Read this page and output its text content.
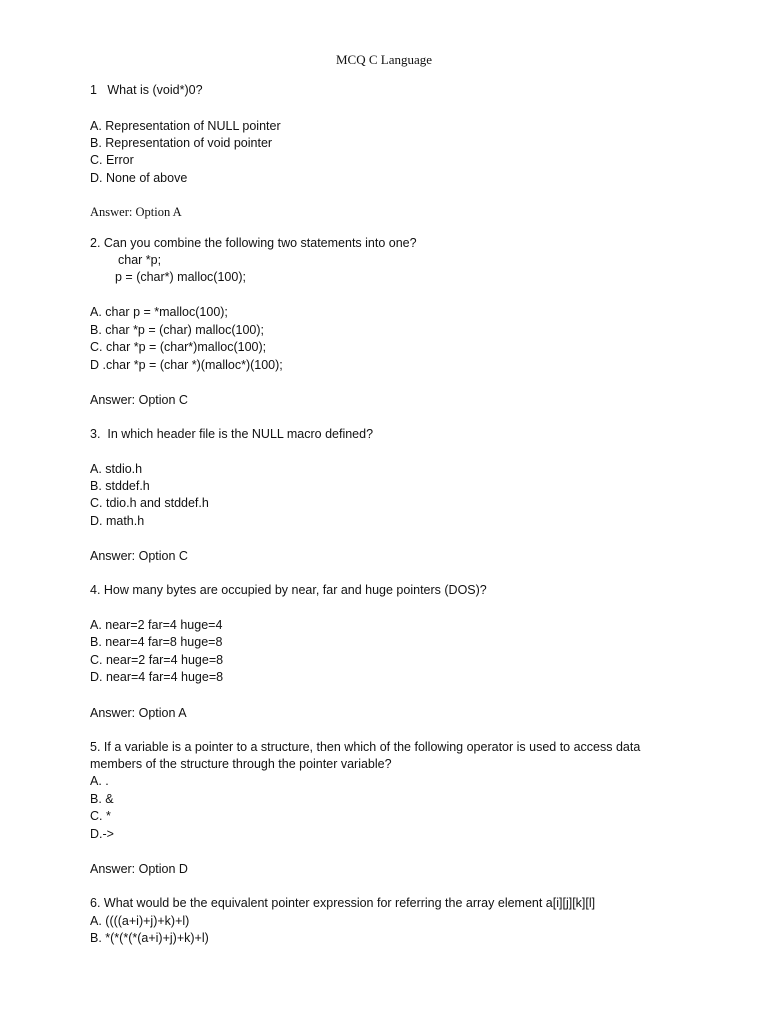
MCQ C Language
1   What is (void*)0?
A. Representation of NULL pointer
B. Representation of void pointer
C. Error
D. None of above
Answer: Option A
2. Can you combine the following two statements into one?
char *p;
p = (char*) malloc(100);
A. char p = *malloc(100);
B. char *p = (char) malloc(100);
C. char *p = (char*)malloc(100);
D .char *p = (char *)(malloc*)(100);
Answer: Option C
3.  In which header file is the NULL macro defined?
A. stdio.h
B. stddef.h
C. tdio.h and stddef.h
D. math.h
Answer: Option C
4. How many bytes are occupied by near, far and huge pointers (DOS)?
A. near=2 far=4 huge=4
B. near=4 far=8 huge=8
C. near=2 far=4 huge=8
D. near=4 far=4 huge=8
Answer: Option A
5. If a variable is a pointer to a structure, then which of the following operator is used to access data
members of the structure through the pointer variable?
A. .
B. &
C. *
D.->
Answer: Option D
6. What would be the equivalent pointer expression for referring the array element a[i][j][k][l]
A. ((((a+i)+j)+k)+l)
B. *(*(*(*(a+i)+j)+k)+l)
